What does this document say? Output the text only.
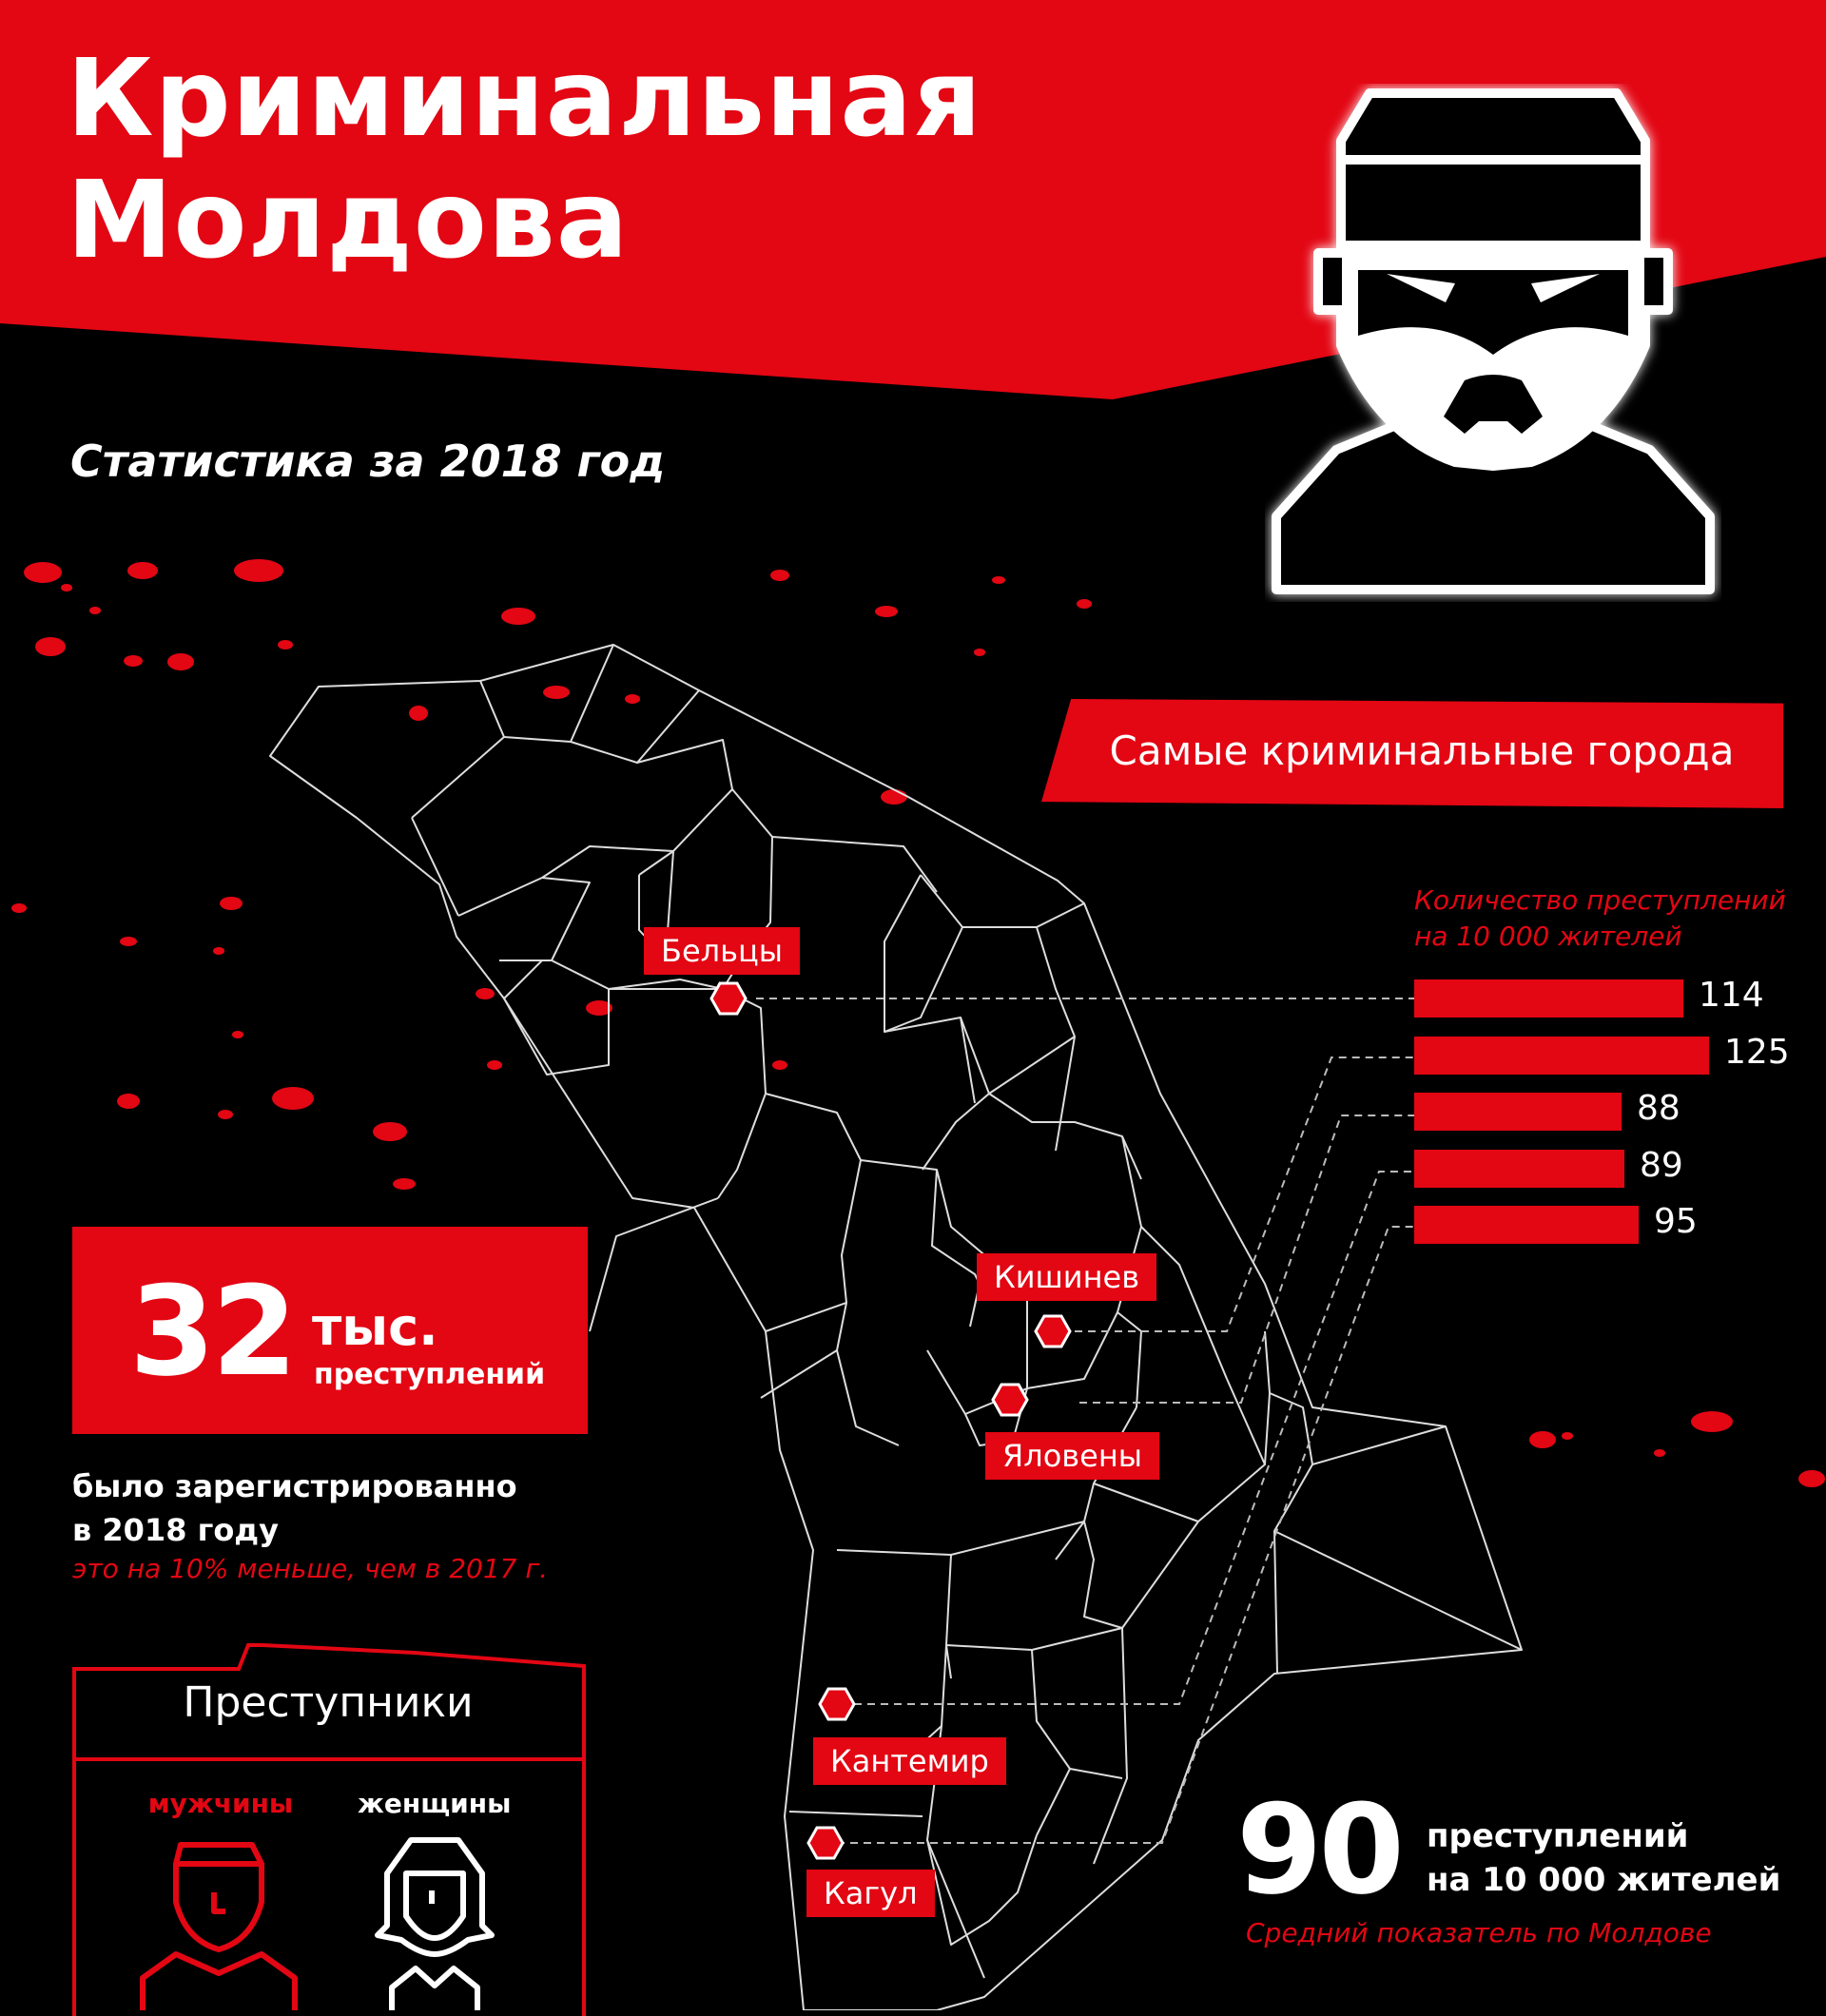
Криминальная
Молдова
Статистика за 2018 год
Бельцы
Кишинев
Яловены
Кантемир
Кагул
Самые криминальные города
Количество преступлений
на 10 000 жителей
114
125
88
89
95
32 тыс.
преступлений
было зарегистрированно
в 2018 году
это на 10% меньше, чем в 2017 г.
Преступники
мужчины женщины	90 преступлений
на 10 000 жителей
Средний показатель по Молдове
